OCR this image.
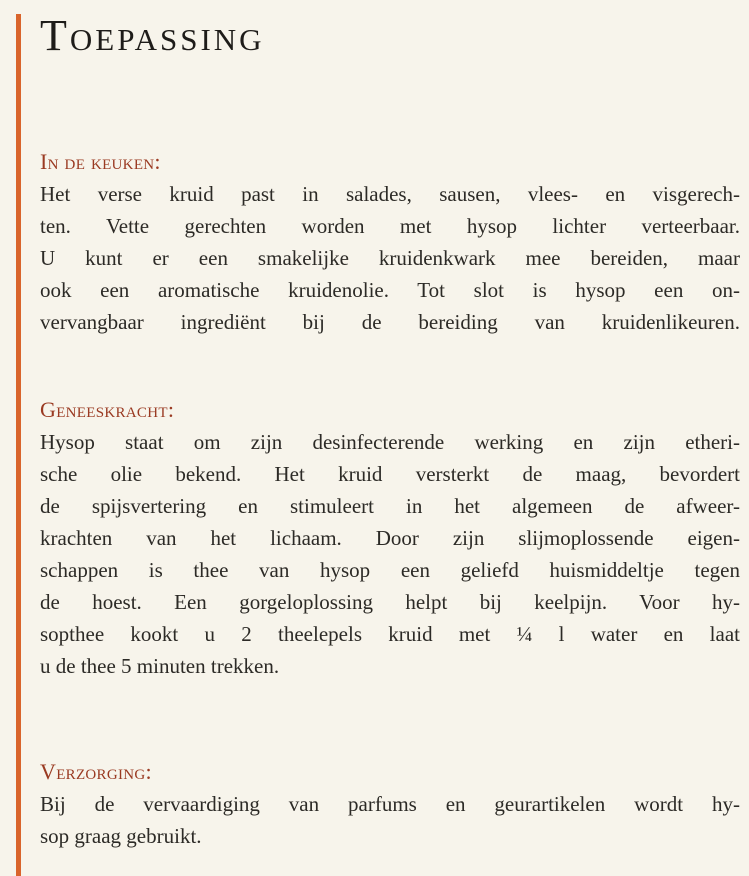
Toepassing
In de keuken:
Het verse kruid past in salades, sausen, vlees- en visgerech-
ten. Vette gerechten worden met hysop lichter verteerbaar.
U kunt er een smakelijke kruidenkwark mee bereiden, maar
ook een aromatische kruidenolie. Tot slot is hysop een on-
vervangbaar ingrediënt bij de bereiding van kruidenlikeuren.
Geneeskracht:
Hysop staat om zijn desinfecterende werking en zijn etheri-
sche olie bekend. Het kruid versterkt de maag, bevordert
de spijsvertering en stimuleert in het algemeen de afweer-
krachten van het lichaam. Door zijn slijmoplossende eigen-
schappen is thee van hysop een geliefd huismiddeltje tegen
de hoest. Een gorgeloplossing helpt bij keelpijn. Voor hy-
sopthee kookt u 2 theelepels kruid met ¼ l water en laat
u de thee 5 minuten trekken.
Verzorging:
Bij de vervaardiging van parfums en geurartikelen wordt hy-
sop graag gebruikt.
